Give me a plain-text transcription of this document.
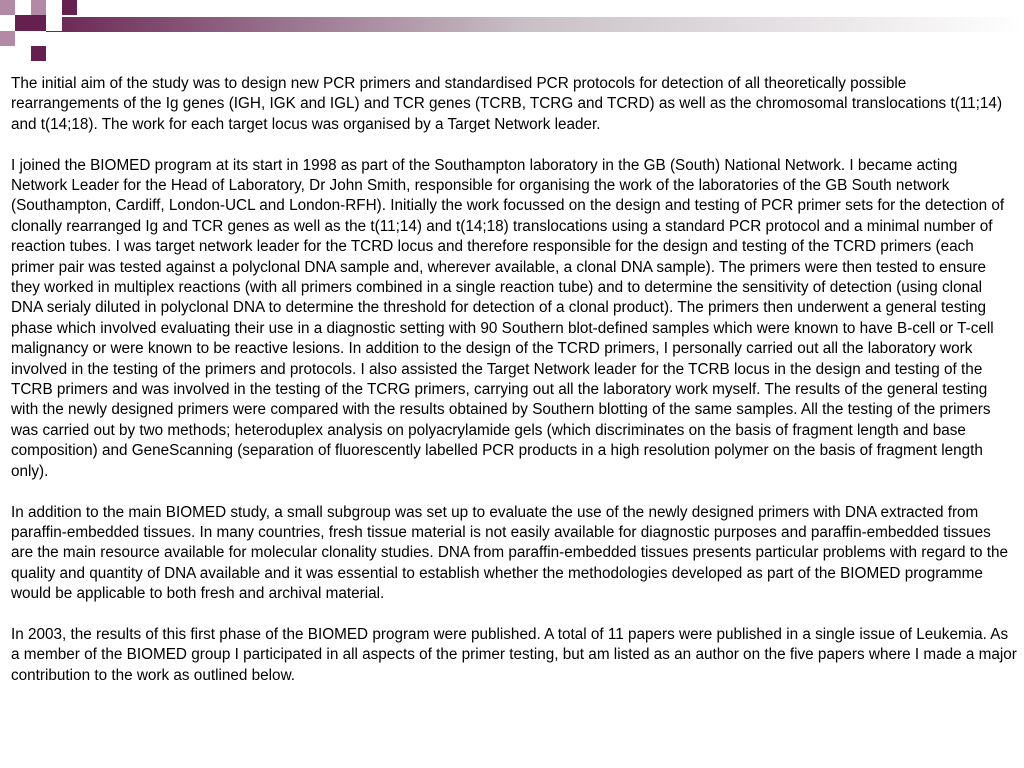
The initial aim of the study was to design new PCR primers and standardised PCR protocols for detection of all theoretically possible rearrangements of the Ig genes (IGH, IGK and IGL) and TCR genes (TCRB, TCRG and TCRD) as well as the chromosomal translocations t(11;14) and t(14;18). The work for each target locus was organised by a Target Network leader.

I joined the BIOMED program at its start in 1998 as part of the Southampton laboratory in the GB (South) National Network. I became acting Network Leader for the Head of Laboratory, Dr John Smith, responsible for organising the work of the laboratories of the GB South network (Southampton, Cardiff, London-UCL and London-RFH). Initially the work focussed on the design and testing of PCR primer sets for the detection of clonally rearranged Ig and TCR genes as well as the t(11;14) and t(14;18) translocations using a standard PCR protocol and a minimal number of reaction tubes. I was target network leader for the TCRD locus and therefore responsible for the design and testing of the TCRD primers (each primer pair was tested against a polyclonal DNA sample and, wherever available, a clonal DNA sample). The primers were then tested to ensure they worked in multiplex reactions (with all primers combined in a single reaction tube) and to determine the sensitivity of detection (using clonal DNA serialy diluted in polyclonal DNA to determine the threshold for detection of a clonal product). The primers then underwent a general testing phase which involved evaluating their use in a diagnostic setting with 90 Southern blot-defined samples which were known to have B-cell or T-cell malignancy or were known to be reactive lesions. In addition to the design of the TCRD primers, I personally carried out all the laboratory work involved in the testing of the primers and protocols. I also assisted the Target Network leader for the TCRB locus in the design and testing of the TCRB primers and was involved in the testing of the TCRG primers, carrying out all the laboratory work myself. The results of the general testing with the newly designed primers were compared with the results obtained by Southern blotting of the same samples. All the testing of the primers was carried out by two methods; heteroduplex analysis on polyacrylamide gels (which discriminates on the basis of fragment length and base composition) and GeneScanning (separation of fluorescently labelled PCR products in a high resolution polymer on the basis of fragment length only).

In addition to the main BIOMED study, a small subgroup was set up to evaluate the use of the newly designed primers with DNA extracted from paraffin-embedded tissues. In many countries, fresh tissue material is not easily available for diagnostic purposes and paraffin-embedded tissues are the main resource available for molecular clonality studies. DNA from paraffin-embedded tissues presents particular problems with regard to the quality and quantity of DNA available and it was essential to establish whether the methodologies developed as part of the BIOMED programme would be applicable to both fresh and archival material.

In 2003, the results of this first phase of the BIOMED program were published. A total of 11 papers were published in a single issue of Leukemia. As a member of the BIOMED group I participated in all aspects of the primer testing, but am listed as an author on the five papers where I made a major contribution to the work as outlined below.
